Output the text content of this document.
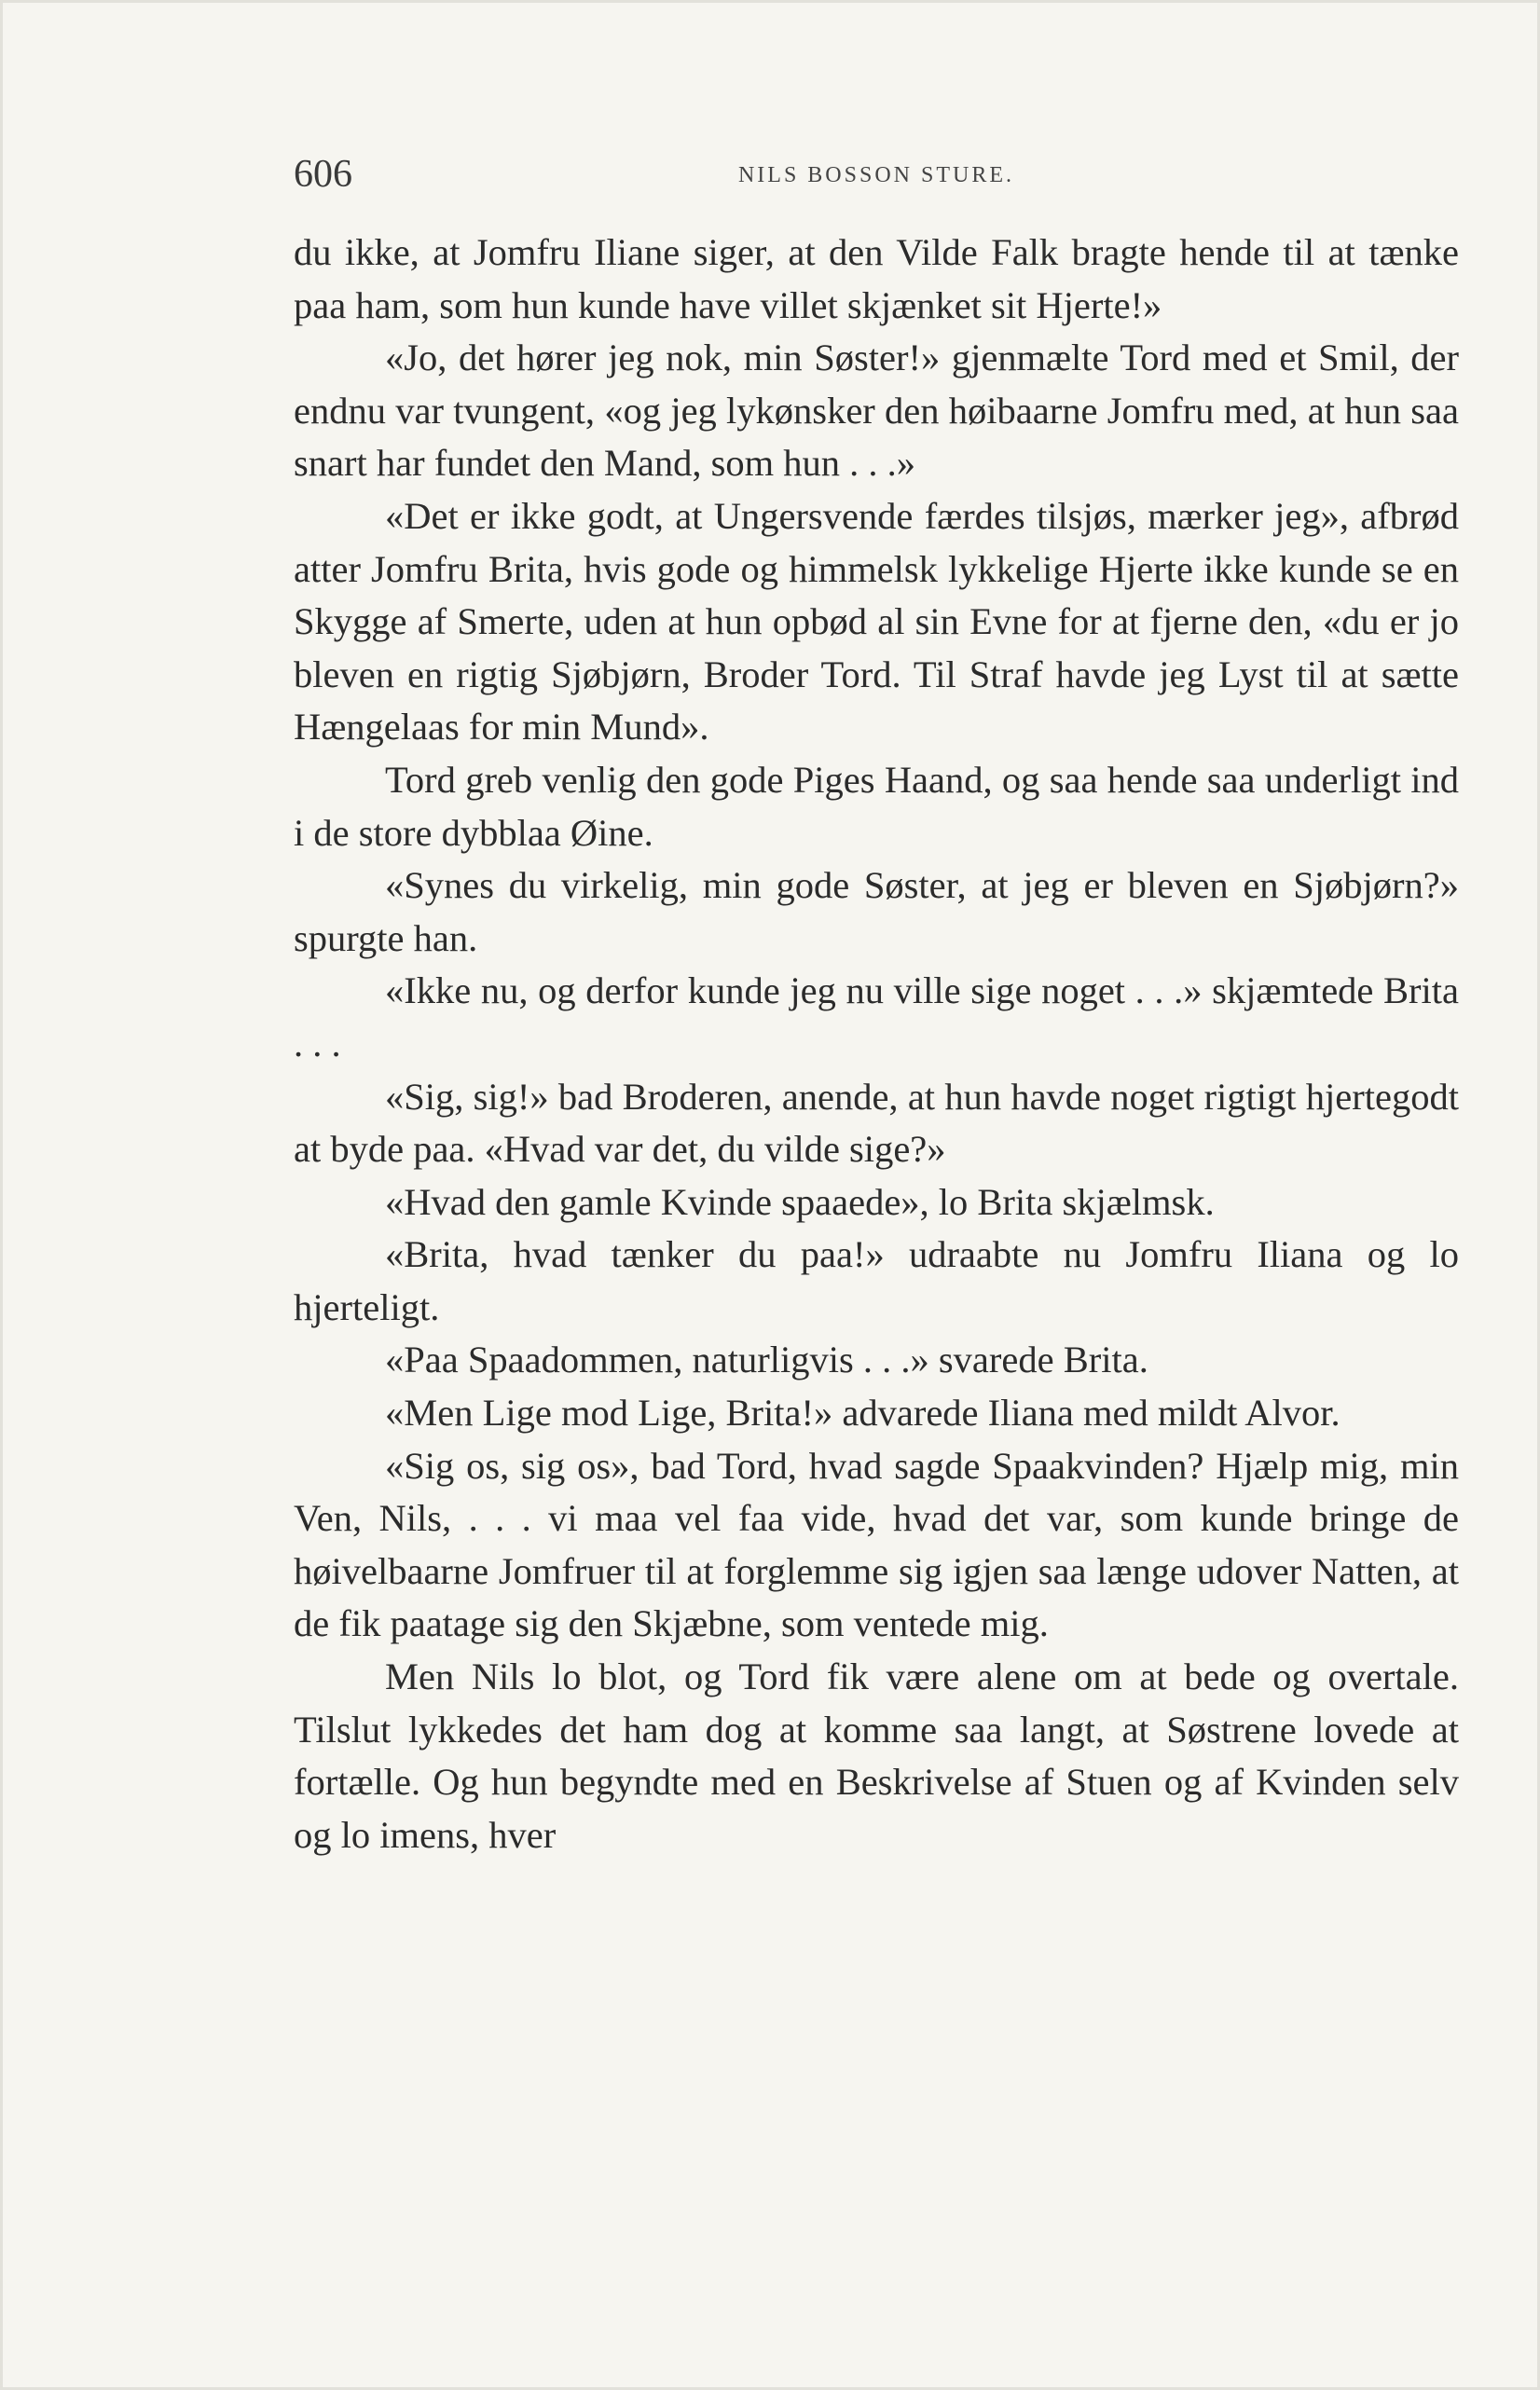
606	NILS BOSSON STURE.

du ikke, at Jomfru Iliane siger, at den Vilde Falk bragte hende til at tænke paa ham, som hun kunde have villet skjænket sit Hjerte!»

«Jo, det hører jeg nok, min Søster!» gjenmælte Tord med et Smil, der endnu var tvungent, «og jeg lykønsker den høibaarne Jomfru med, at hun saa snart har fundet den Mand, som hun . . .»

«Det er ikke godt, at Ungersvende færdes tilsjøs, mærker jeg», afbrød atter Jomfru Brita, hvis gode og himmelsk lykkelige Hjerte ikke kunde se en Skygge af Smerte, uden at hun opbød al sin Evne for at fjerne den, «du er jo bleven en rigtig Sjøbjørn, Broder Tord. Til Straf havde jeg Lyst til at sætte Hængelaas for min Mund».

Tord greb venlig den gode Piges Haand, og saa hende saa underligt ind i de store dybblaa Øine.

«Synes du virkelig, min gode Søster, at jeg er bleven en Sjøbjørn?» spurgte han.

«Ikke nu, og derfor kunde jeg nu ville sige noget . . .» skjæmtede Brita . . .

«Sig, sig!» bad Broderen, anende, at hun havde noget rigtigt hjertegodt at byde paa. «Hvad var det, du vilde sige?»

«Hvad den gamle Kvinde spaaede», lo Brita skjælmsk.

«Brita, hvad tænker du paa!» udraabte nu Jomfru Iliana og lo hjerteligt.

«Paa Spaadommen, naturligvis . . .» svarede Brita.

«Men Lige mod Lige, Brita!» advarede Iliana med mildt Alvor.

«Sig os, sig os», bad Tord, hvad sagde Spaakvinden? Hjælp mig, min Ven, Nils, . . . vi maa vel faa vide, hvad det var, som kunde bringe de høivelbaarne Jomfruer til at forglemme sig igjen saa længe udover Natten, at de fik paatage sig den Skjæbne, som ventede mig.

Men Nils lo blot, og Tord fik være alene om at bede og overtale. Tilslut lykkedes det ham dog at komme saa langt, at Søstrene lovede at fortælle. Og hun begyndte med en Beskrivelse af Stuen og af Kvinden selv og lo imens, hver
